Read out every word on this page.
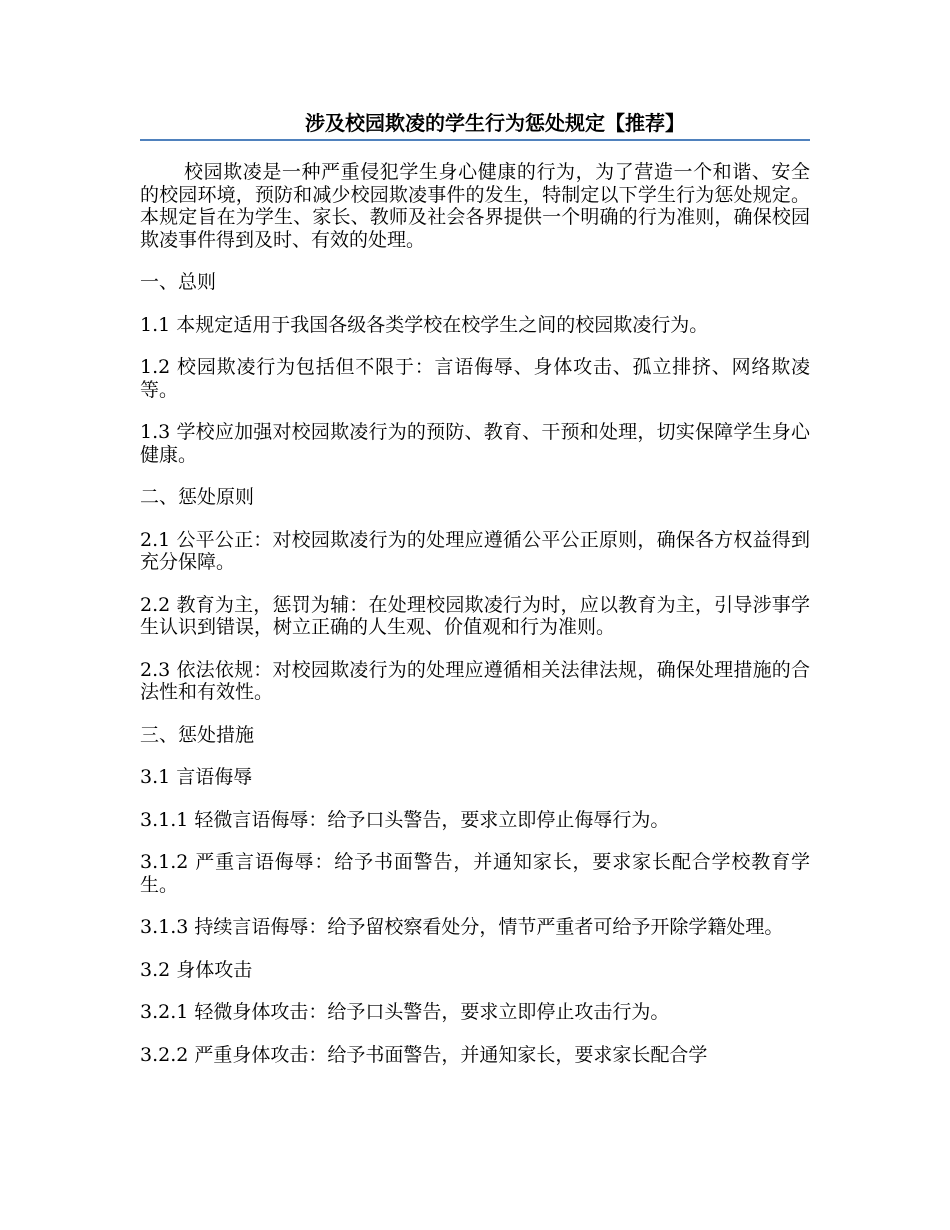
涉及校园欺凌的学生行为惩处规定【推荐】

校园欺凌是一种严重侵犯学生身心健康的行为，为了营造一个和谐、安全的校园环境，预防和减少校园欺凌事件的发生，特制定以下学生行为惩处规定。本规定旨在为学生、家长、教师及社会各界提供一个明确的行为准则，确保校园欺凌事件得到及时、有效的处理。

一、总则

1.1 本规定适用于我国各级各类学校在校学生之间的校园欺凌行为。

1.2 校园欺凌行为包括但不限于：言语侮辱、身体攻击、孤立排挤、网络欺凌等。

1.3 学校应加强对校园欺凌行为的预防、教育、干预和处理，切实保障学生身心健康。

二、惩处原则

2.1 公平公正：对校园欺凌行为的处理应遵循公平公正原则，确保各方权益得到充分保障。

2.2 教育为主，惩罚为辅：在处理校园欺凌行为时，应以教育为主，引导涉事学生认识到错误，树立正确的人生观、价值观和行为准则。

2.3 依法依规：对校园欺凌行为的处理应遵循相关法律法规，确保处理措施的合法性和有效性。

三、惩处措施

3.1 言语侮辱

3.1.1 轻微言语侮辱：给予口头警告，要求立即停止侮辱行为。

3.1.2 严重言语侮辱：给予书面警告，并通知家长，要求家长配合学校教育学生。

3.1.3 持续言语侮辱：给予留校察看处分，情节严重者可给予开除学籍处理。

3.2 身体攻击

3.2.1 轻微身体攻击：给予口头警告，要求立即停止攻击行为。

3.2.2 严重身体攻击：给予书面警告，并通知家长，要求家长配合学
